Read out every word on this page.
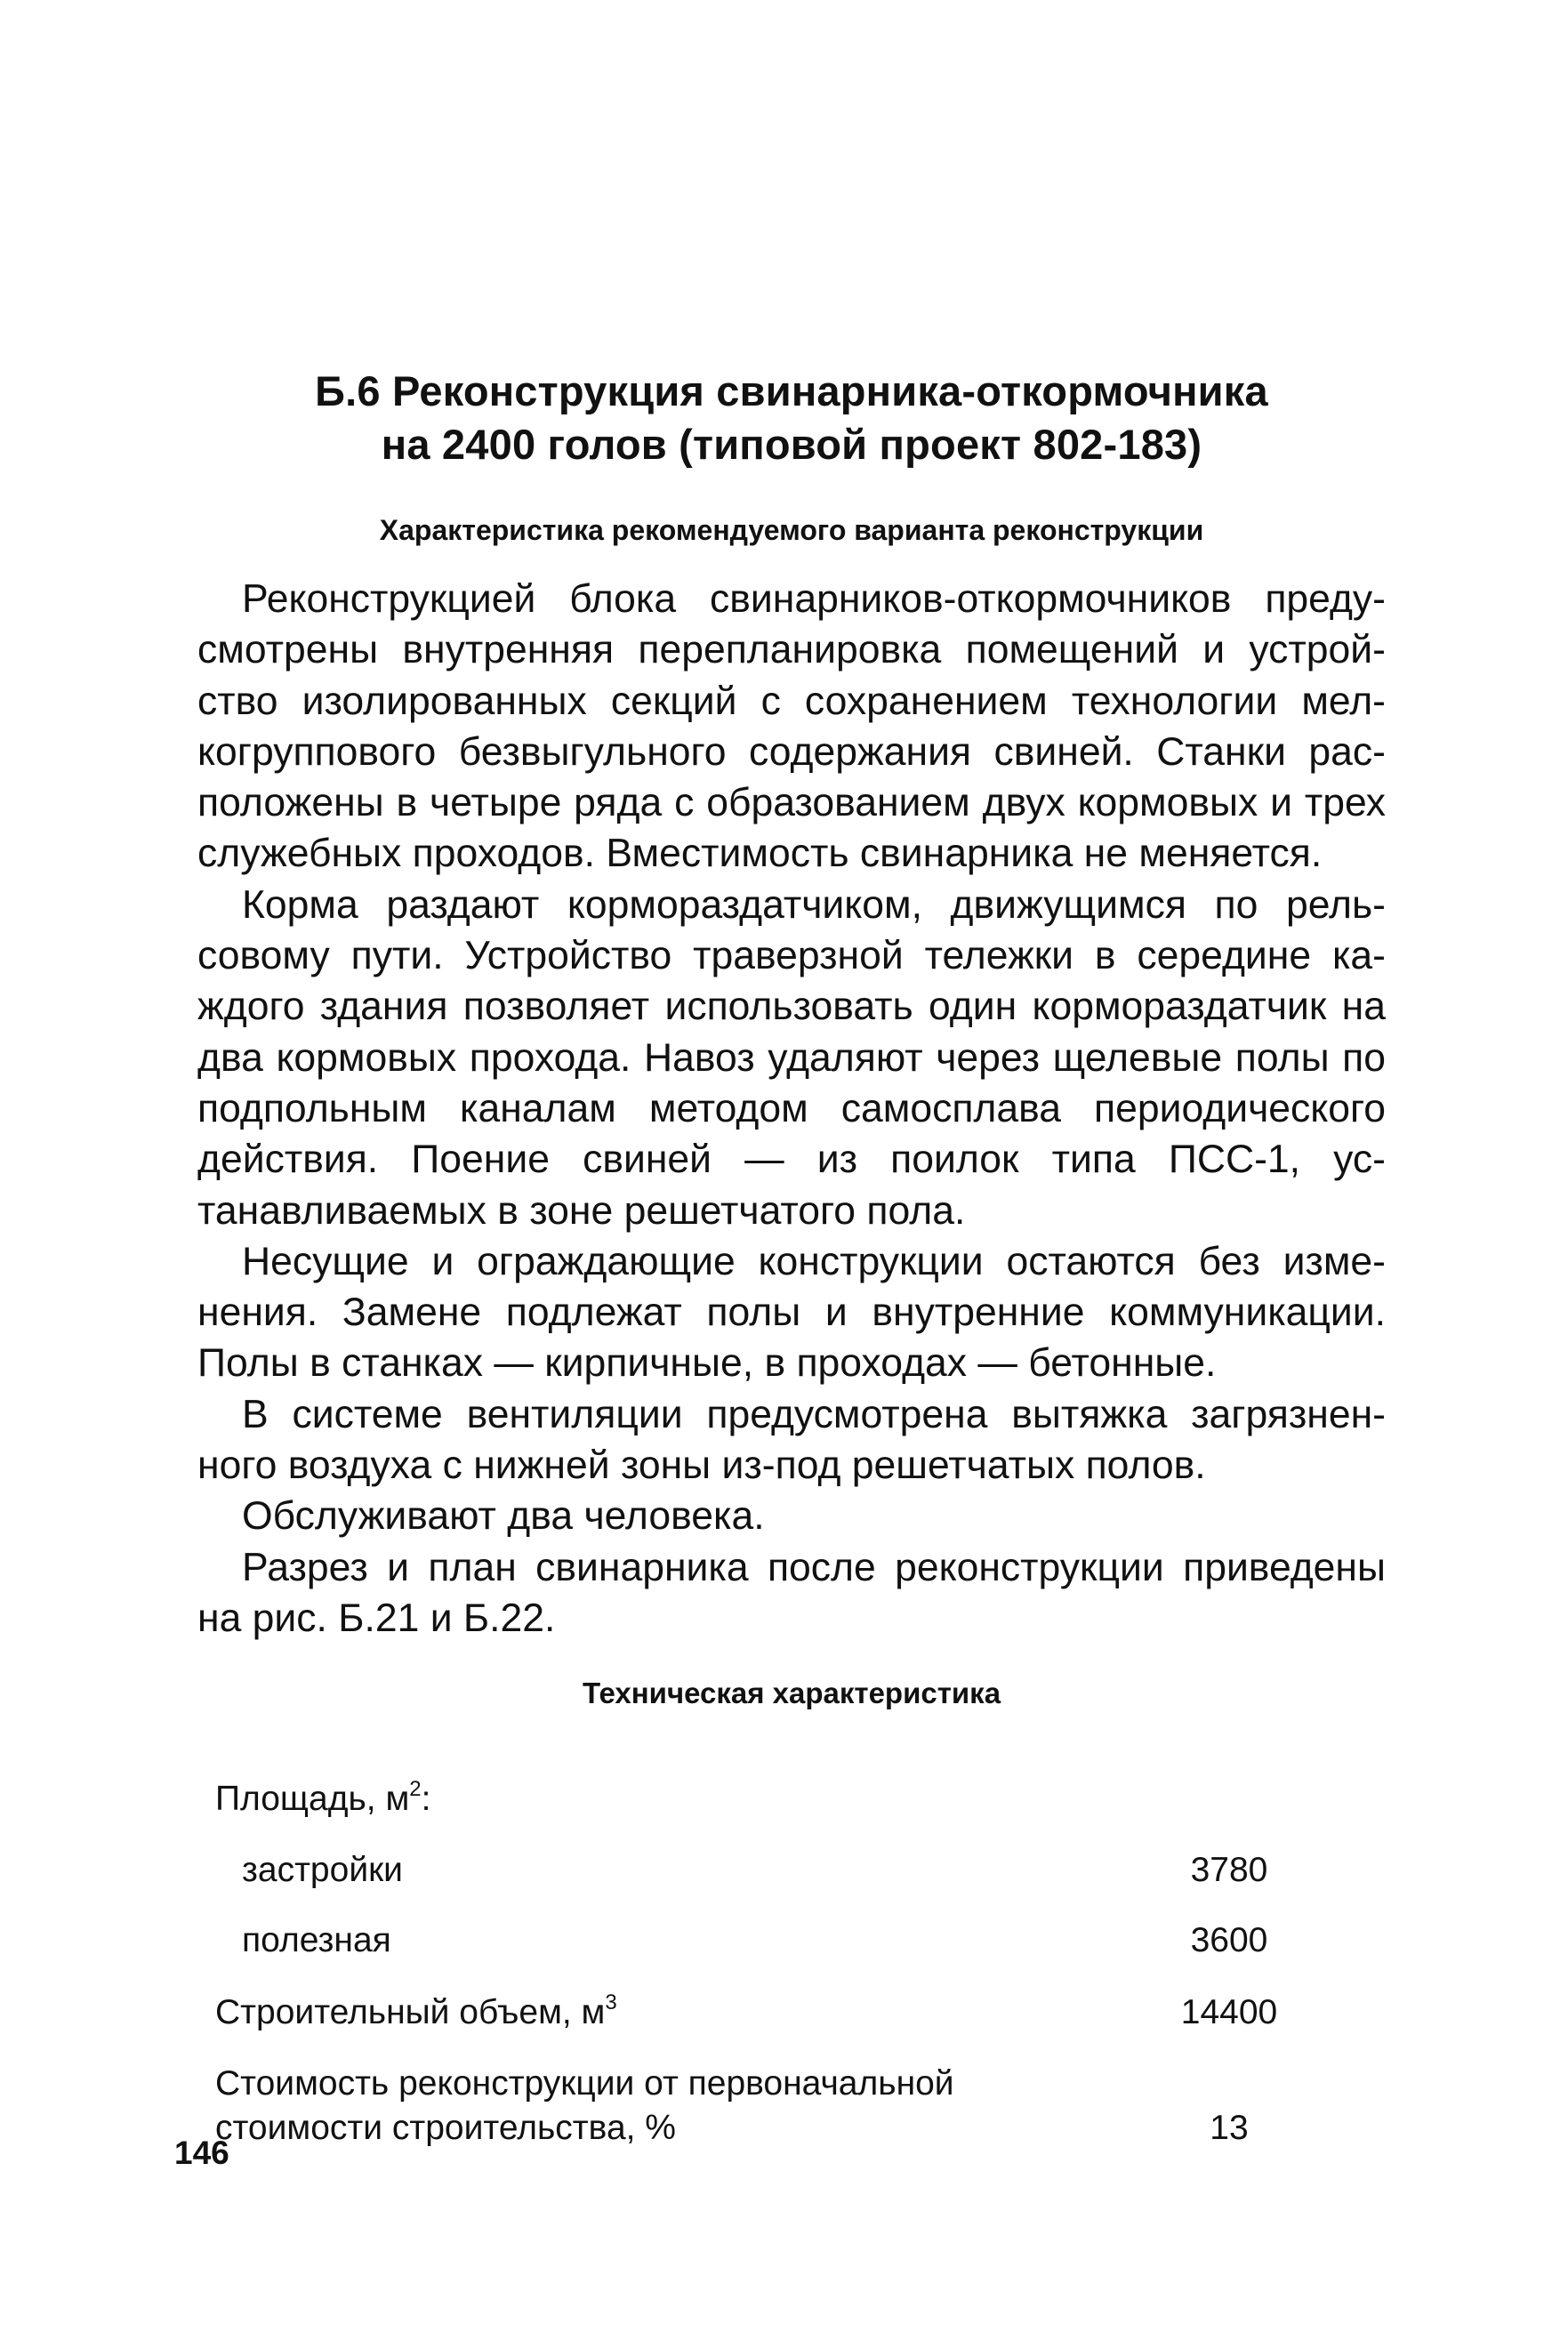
Б.6 Реконструкция свинарника-откормочника
на 2400 голов (типовой проект 802-183)
Характеристика рекомендуемого варианта реконструкции

Реконструкцией блока свинарников-откормочников предусмотрены внутренняя перепланировка помещений и устройство изолированных секций с сохранением технологии мелкогруппового безвыгульного содержания свиней. Станки расположены в четыре ряда с образованием двух кормовых и трех служебных проходов. Вместимость свинарника не меняется.

Корма раздают кормораздатчиком, движущимся по рельсовому пути. Устройство траверзной тележки в середине каждого здания позволяет использовать один кормораздатчик на два кормовых прохода. Навоз удаляют через щелевые полы по подпольным каналам методом самосплава периодического действия. Поение свиней — из поилок типа ПСС-1, устанавливаемых в зоне решетчатого пола.

Несущие и ограждающие конструкции остаются без изменения. Замене подлежат полы и внутренние коммуникации. Полы в станках — кирпичные, в проходах — бетонные.

В системе вентиляции предусмотрена вытяжка загрязненного воздуха с нижней зоны из-под решетчатых полов.

Обслуживают два человека.

Разрез и план свинарника после реконструкции приведены на рис. Б.21 и Б.22.

Техническая характеристика
Площадь, $м^2$:
застройки	3780
полезная	3600
Строительный объем, $м^3$	14400
Стоимость реконструкции от первоначальной
стоимости строительства, %	13
146
